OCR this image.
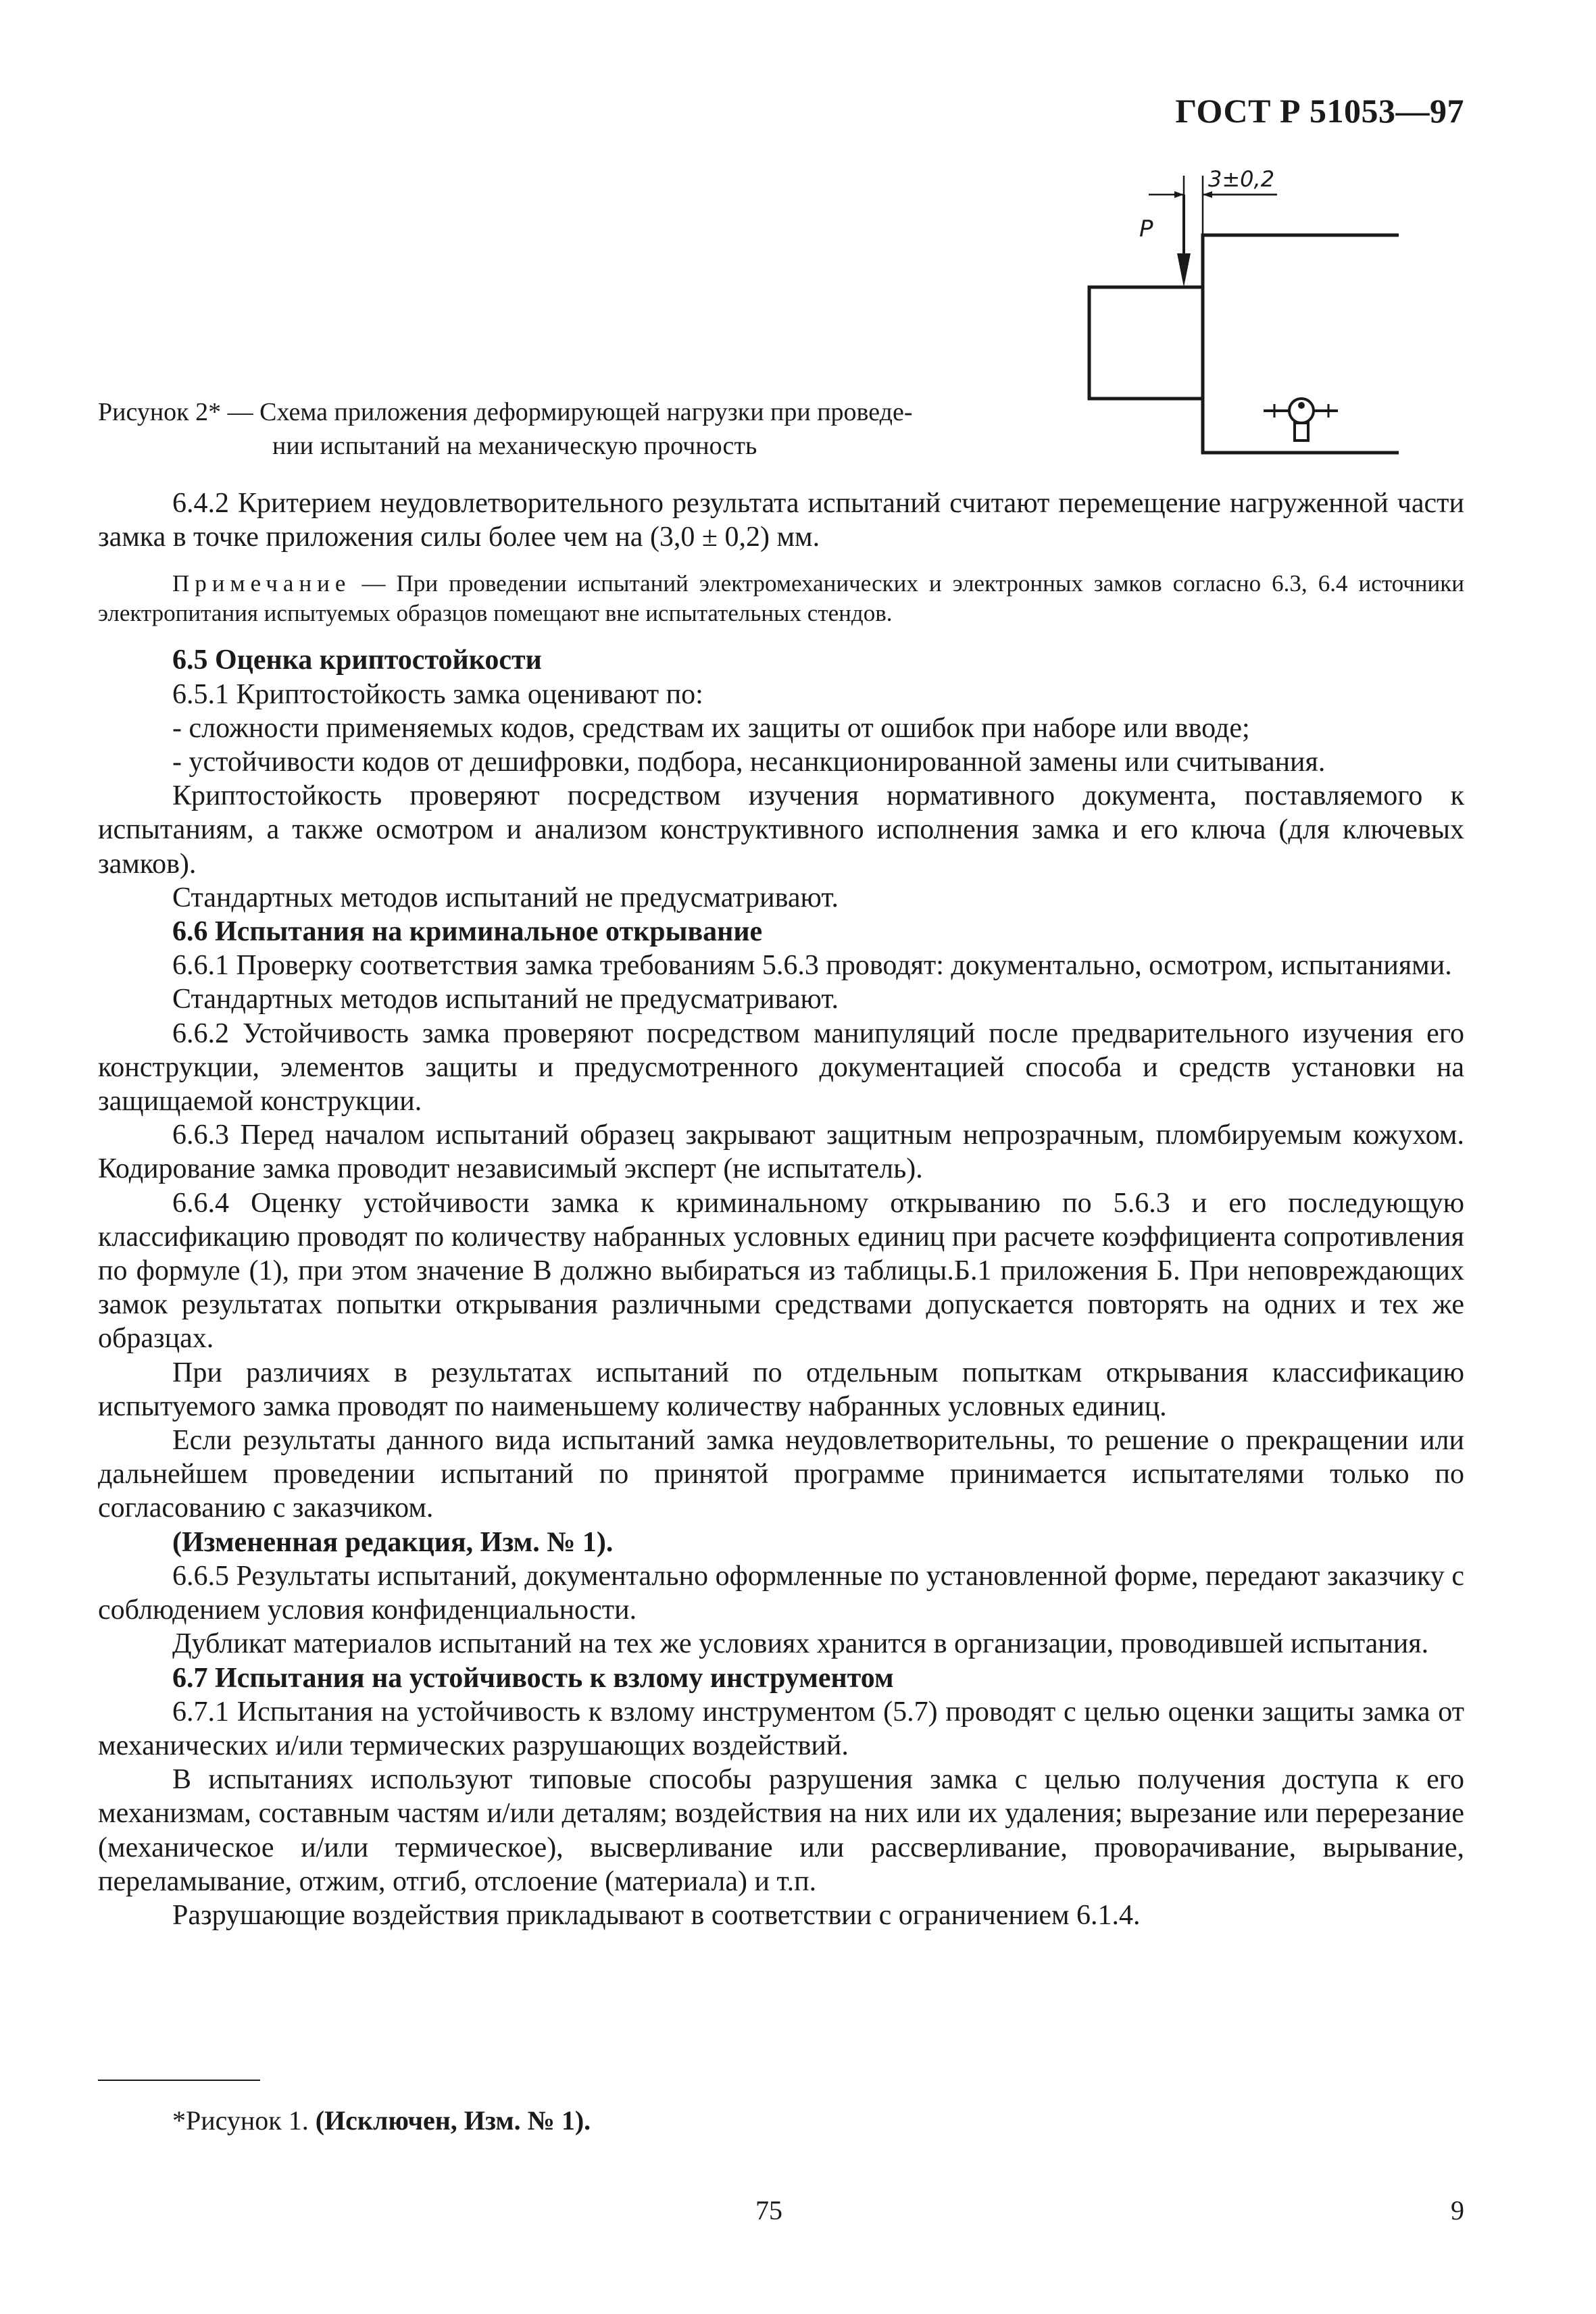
ГОСТ Р 51053—97
P
3±0,2
Рисунок 2* — Схема приложения деформирующей нагрузки при проведе-
нии испытаний на механическую прочность

6.4.2 Критерием неудовлетворительного результата испытаний считают перемещение нагруженной части замка в точке приложения силы более чем на (3,0 ± 0,2) мм.

Примечание — При проведении испытаний электромеханических и электронных замков согласно 6.3, 6.4 источники электропитания испытуемых образцов помещают вне испытательных стендов.

6.5 Оценка криптостойкости

6.5.1 Криптостойкость замка оценивают по:

- сложности применяемых кодов, средствам их защиты от ошибок при наборе или вводе;

- устойчивости кодов от дешифровки, подбора, несанкционированной замены или считывания.

Криптостойкость проверяют посредством изучения нормативного документа, поставляемого к испытаниям, а также осмотром и анализом конструктивного исполнения замка и его ключа (для ключевых замков).

Стандартных методов испытаний не предусматривают.

6.6 Испытания на криминальное открывание

6.6.1 Проверку соответствия замка требованиям 5.6.3 проводят: документально, осмотром, испытаниями.

Стандартных методов испытаний не предусматривают.

6.6.2 Устойчивость замка проверяют посредством манипуляций после предварительного изучения его конструкции, элементов защиты и предусмотренного документацией способа и средств установки на защищаемой конструкции.

6.6.3 Перед началом испытаний образец закрывают защитным непрозрачным, пломбируемым кожухом. Кодирование замка проводит независимый эксперт (не испытатель).

6.6.4 Оценку устойчивости замка к криминальному открыванию по 5.6.3 и его последующую классификацию проводят по количеству набранных условных единиц при расчете коэффициента сопротивления по формуле (1), при этом значение В должно выбираться из таблицы.Б.1 приложения Б. При неповреждающих замок результатах попытки открывания различными средствами допускается повторять на одних и тех же образцах.

При различиях в результатах испытаний по отдельным попыткам открывания классификацию испытуемого замка проводят по наименьшему количеству набранных условных единиц.

Если результаты данного вида испытаний замка неудовлетворительны, то решение о прекращении или дальнейшем проведении испытаний по принятой программе принимается испытателями только по согласованию с заказчиком.

(Измененная редакция, Изм. № 1).

6.6.5 Результаты испытаний, документально оформленные по установленной форме, передают заказчику с соблюдением условия конфиденциальности.

Дубликат материалов испытаний на тех же условиях хранится в организации, проводившей испытания.

6.7 Испытания на устойчивость к взлому инструментом

6.7.1 Испытания на устойчивость к взлому инструментом (5.7) проводят с целью оценки защиты замка от механических и/или термических разрушающих воздействий.

В испытаниях используют типовые способы разрушения замка с целью получения доступа к его механизмам, составным частям и/или деталям; воздействия на них или их удаления; вырезание или перерезание (механическое и/или термическое), высверливание или рассверливание, проворачивание, вырывание, переламывание, отжим, отгиб, отслоение (материала) и т.п.

Разрушающие воздействия прикладывают в соответствии с ограничением 6.1.4.

*Рисунок 1. (Исключен, Изм. № 1).
75	9
